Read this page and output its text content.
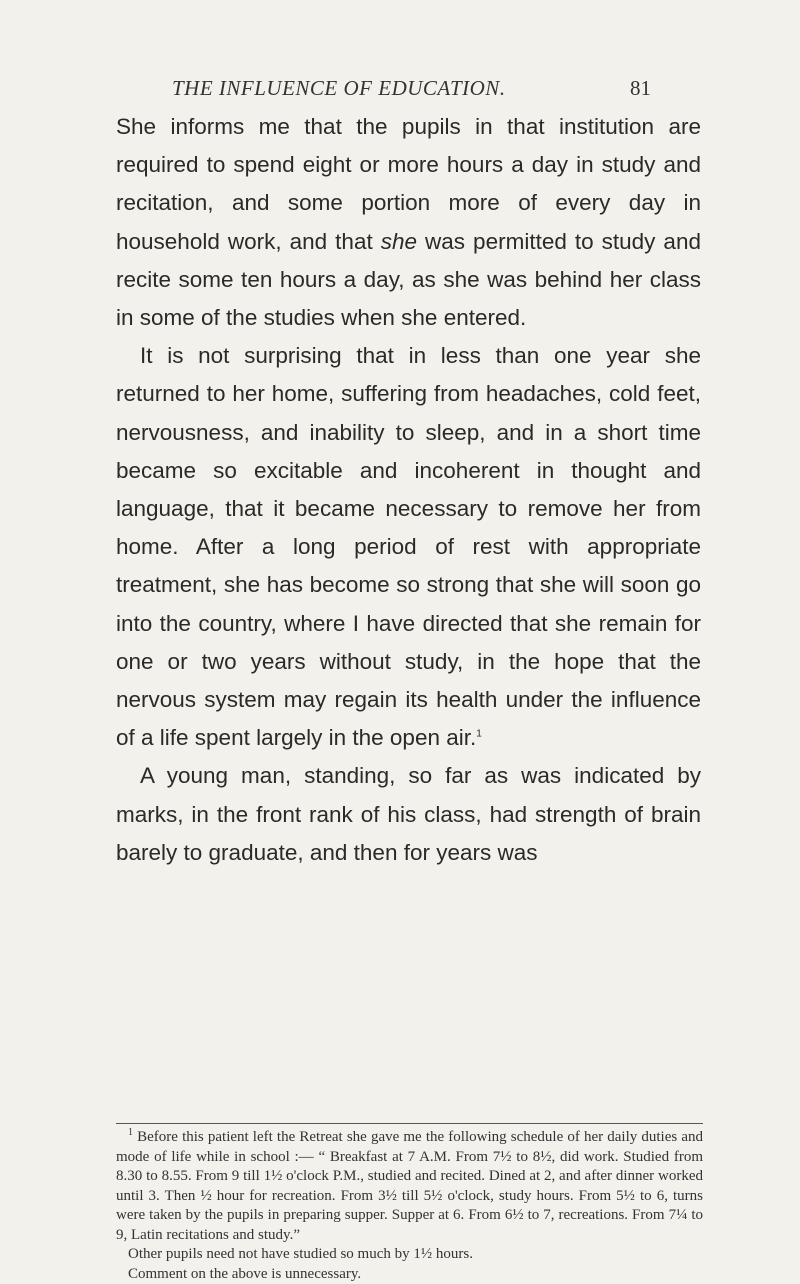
THE INFLUENCE OF EDUCATION.	81

She informs me that the pupils in that institution are required to spend eight or more hours a day in study and recitation, and some portion more of every day in household work, and that she was permitted to study and recite some ten hours a day, as she was behind her class in some of the studies when she entered.

It is not surprising that in less than one year she returned to her home, suffering from headaches, cold feet, nervousness, and inability to sleep, and in a short time became so excitable and incoherent in thought and language, that it became necessary to remove her from home. After a long period of rest with appropriate treatment, she has become so strong that she will soon go into the country, where I have directed that she remain for one or two years without study, in the hope that the nervous system may regain its health under the influence of a life spent largely in the open air.$^1$

A young man, standing, so far as was indicated by marks, in the front rank of his class, had strength of brain barely to graduate, and then for years was

$^1$ Before this patient left the Retreat she gave me the following schedule of her daily duties and mode of life while in school :— “ Breakfast at 7 A.M. From 7½ to 8½, did work. Studied from 8.30 to 8.55. From 9 till 1½ o'clock P.M., studied and recited. Dined at 2, and after dinner worked until 3. Then ½ hour for recreation. From 3½ till 5½ o'clock, study hours. From 5½ to 6, turns were taken by the pupils in preparing supper. Supper at 6. From 6½ to 7, recreations. From 7¼ to 9, Latin recitations and study.”

Other pupils need not have studied so much by 1½ hours.

Comment on the above is unnecessary.
